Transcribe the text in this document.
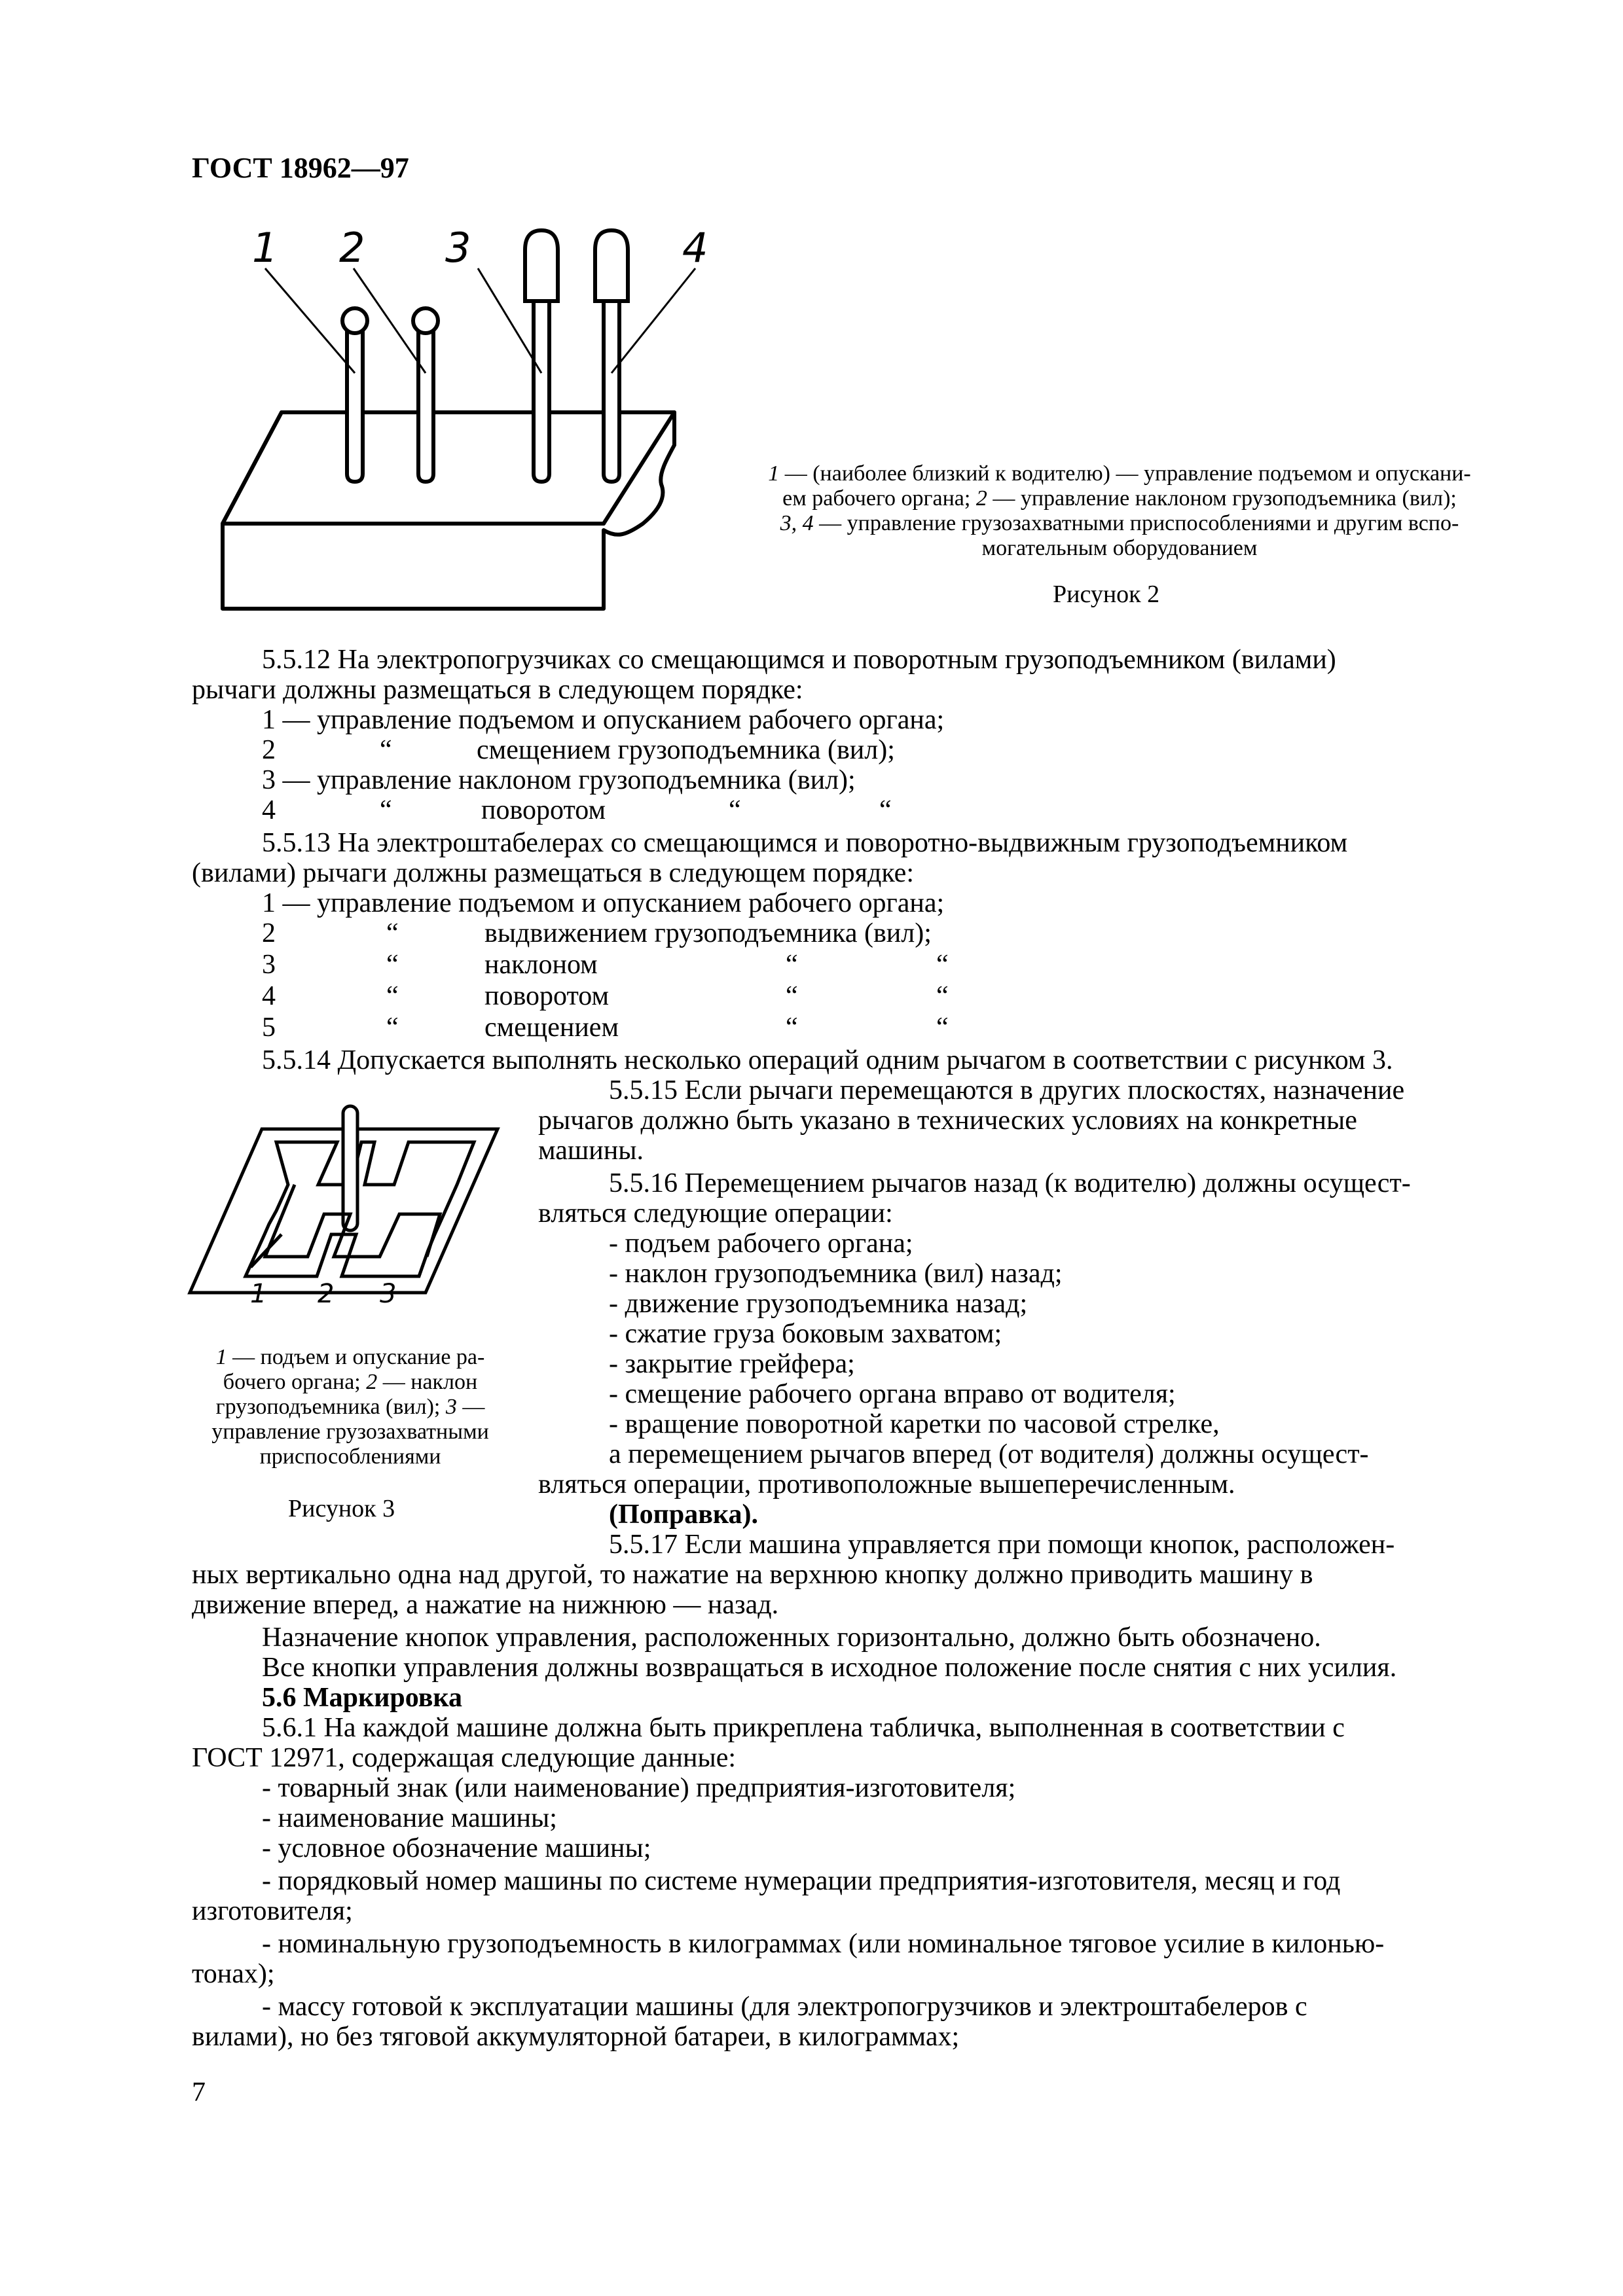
ГОСТ 18962—97
1 2 3	4
1 — (наиболее близкий к водителю) — управление подъемом и опускани-
ем рабочего органа; 2 — управление наклоном грузоподъемника (вил);
3, 4 — управление грузозахватными приспособлениями и другим вспо-
могательным оборудованием
Рисунок 2
5.5.12 На электропогрузчиках со смещающимся и поворотным грузоподъемником (вилами)
рычаги должны размещаться в следующем порядке:
1 — управление подъемом и опусканием рабочего органа;
2	“	смещением грузоподъемника (вил);
3 — управление наклоном грузоподъемника (вил);
4	“	поворотом	“	“
5.5.13 На электроштабелерах со смещающимся и поворотно-выдвижным грузоподъемником
(вилами) рычаги должны размещаться в следующем порядке:
1 — управление подъемом и опусканием рабочего органа;
2	“	выдвижением грузоподъемника (вил);
3	“	наклоном	“	“
4	“	поворотом	“	“
5	“	смещением	“	“
5.5.14 Допускается выполнять несколько операций одним рычагом в соответствии с рисунком 3.
1 2 3
1 — подъем и опускание ра-
бочего органа; 2 — наклон
грузоподъемника (вил); 3 —
управление грузозахватными
приспособлениями
Рисунок 3
5.5.15 Если рычаги перемещаются в других плоскостях, назначение
рычагов должно быть указано в технических условиях на конкретные
машины.
5.5.16 Перемещением рычагов назад (к водителю) должны осущест-
вляться следующие операции:
- подъем рабочего органа;
- наклон грузоподъемника (вил) назад;
- движение грузоподъемника назад;
- сжатие груза боковым захватом;
- закрытие грейфера;
- смещение рабочего органа вправо от водителя;
- вращение поворотной каретки по часовой стрелке,
а перемещением рычагов вперед (от водителя) должны осущест-
вляться операции, противоположные вышеперечисленным.
(Поправка).
5.5.17 Если машина управляется при помощи кнопок, расположен-
ных вертикально одна над другой, то нажатие на верхнюю кнопку должно приводить машину в
движение вперед, а нажатие на нижнюю — назад.
Назначение кнопок управления, расположенных горизонтально, должно быть обозначено.
Все кнопки управления должны возвращаться в исходное положение после снятия с них усилия.
5.6 Маркировка
5.6.1 На каждой машине должна быть прикреплена табличка, выполненная в соответствии с
ГОСТ 12971, содержащая следующие данные:
- товарный знак (или наименование) предприятия-изготовителя;
- наименование машины;
- условное обозначение машины;
- порядковый номер машины по системе нумерации предприятия-изготовителя, месяц и год
изготовителя;
- номинальную грузоподъемность в килограммах (или номинальное тяговое усилие в килонью-
тонах);
- массу готовой к эксплуатации машины (для электропогрузчиков и электроштабелеров с
вилами), но без тяговой аккумуляторной батареи, в килограммах;
7
